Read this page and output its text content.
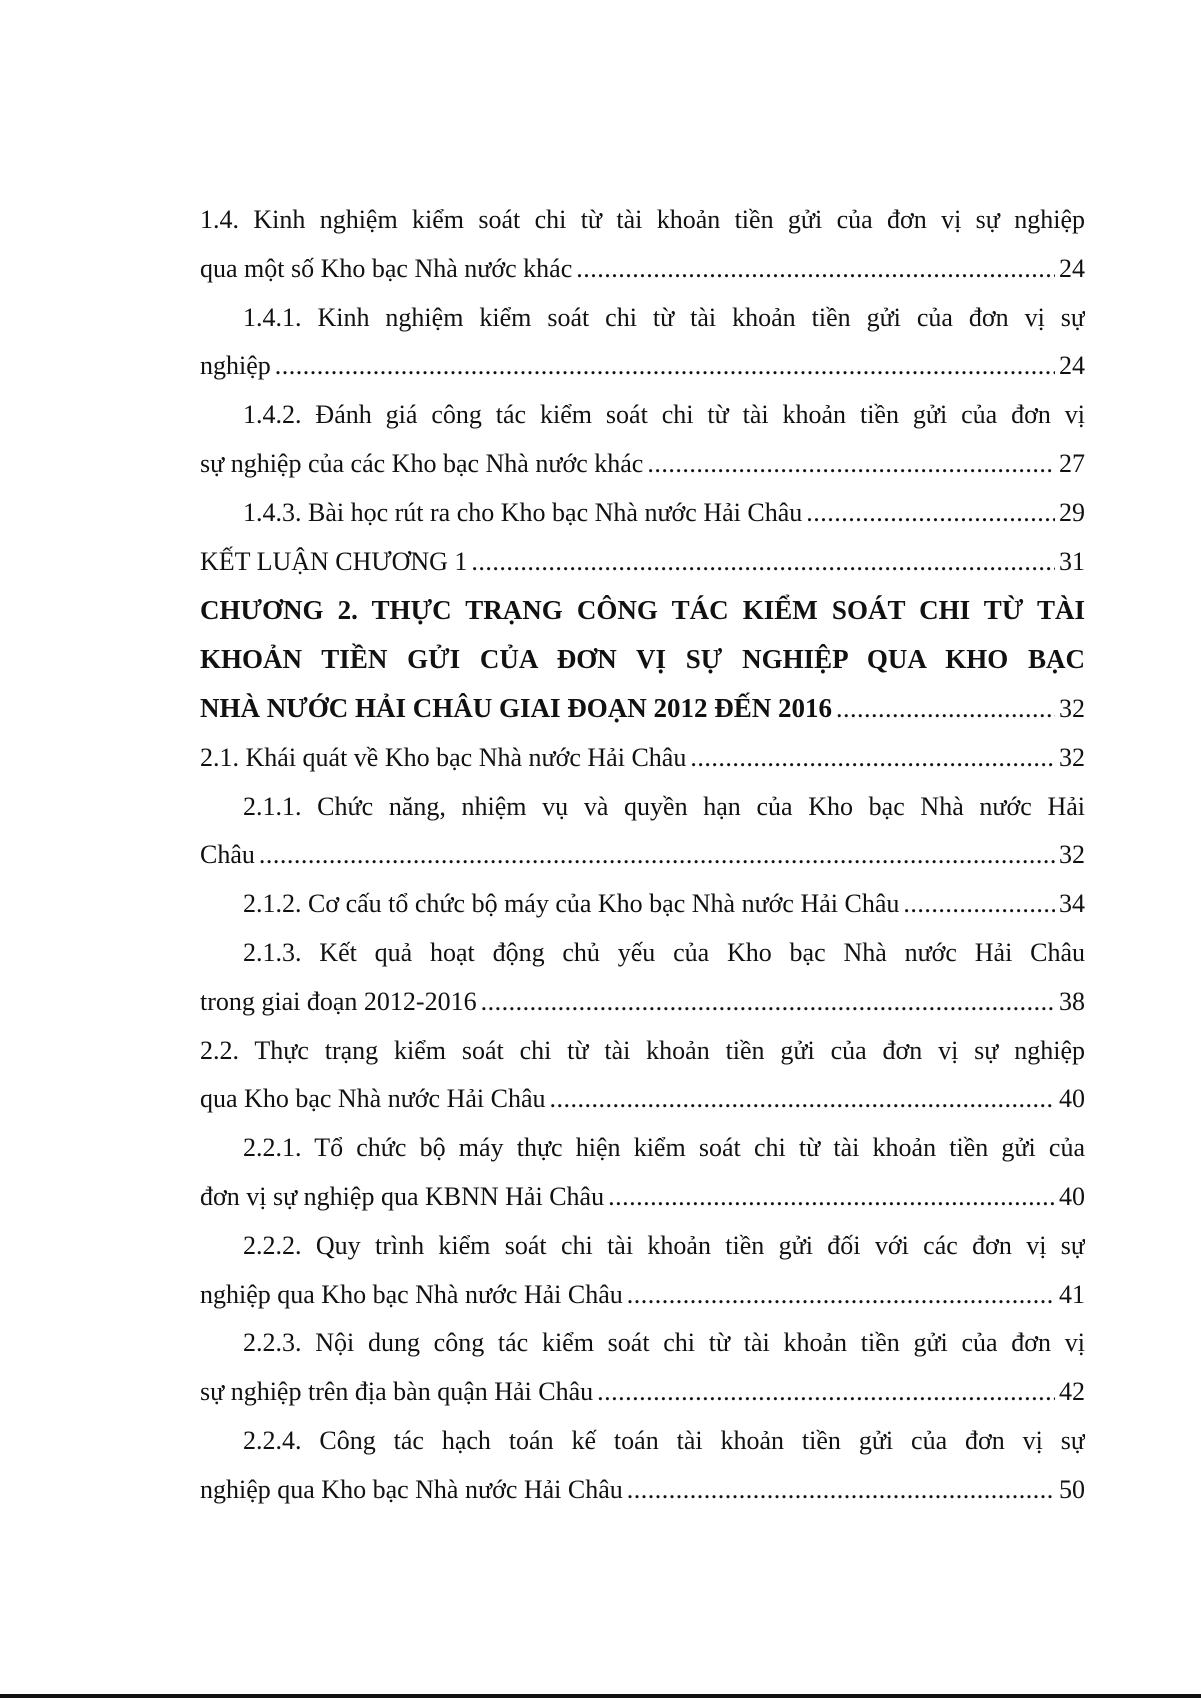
1.4. Kinh nghiệm kiểm soát chi từ tài khoản tiền gửi của đơn vị sự nghiệp
qua một số Kho bạc Nhà nước khác .....	24
1.4.1. Kinh nghiệm kiểm soát chi từ tài khoản tiền gửi của đơn vị sự
nghiệp .....	24
1.4.2. Đánh giá công tác kiểm soát chi từ tài khoản tiền gửi của đơn vị
sự nghiệp của các Kho bạc Nhà nước khác .....	27
1.4.3. Bài học rút ra cho Kho bạc Nhà nước Hải Châu .....	29
KẾT LUẬN CHƯƠNG 1 .....	31
CHƯƠNG 2. THỰC TRẠNG CÔNG TÁC KIỂM SOÁT CHI TỪ TÀI
KHOẢN TIỀN GỬI CỦA ĐƠN VỊ SỰ NGHIỆP QUA KHO BẠC
NHÀ NƯỚC HẢI CHÂU GIAI ĐOẠN 2012 ĐẾN 2016 .....	32
2.1. Khái quát về Kho bạc Nhà nước Hải Châu .....	32
2.1.1. Chức năng, nhiệm vụ và quyền hạn của Kho bạc Nhà nước Hải
Châu .....	32
2.1.2. Cơ cấu tổ chức bộ máy của Kho bạc Nhà nước Hải Châu .....	34
2.1.3. Kết quả hoạt động chủ yếu của Kho bạc Nhà nước Hải Châu
trong giai đoạn 2012-2016 .....	38
2.2. Thực trạng kiểm soát chi từ tài khoản tiền gửi của đơn vị sự nghiệp
qua Kho bạc Nhà nước Hải Châu .....	40
2.2.1. Tổ chức bộ máy thực hiện kiểm soát chi từ tài khoản tiền gửi của
đơn vị sự nghiệp qua KBNN Hải Châu .....	40
2.2.2. Quy trình kiểm soát chi tài khoản tiền gửi đối với các đơn vị sự
nghiệp qua Kho bạc Nhà nước Hải Châu .....	41
2.2.3. Nội dung công tác kiểm soát chi từ tài khoản tiền gửi của đơn vị
sự nghiệp trên địa bàn quận Hải Châu .....	42
2.2.4. Công tác hạch toán kế toán tài khoản tiền gửi của đơn vị sự
nghiệp qua Kho bạc Nhà nước Hải Châu .....	50
